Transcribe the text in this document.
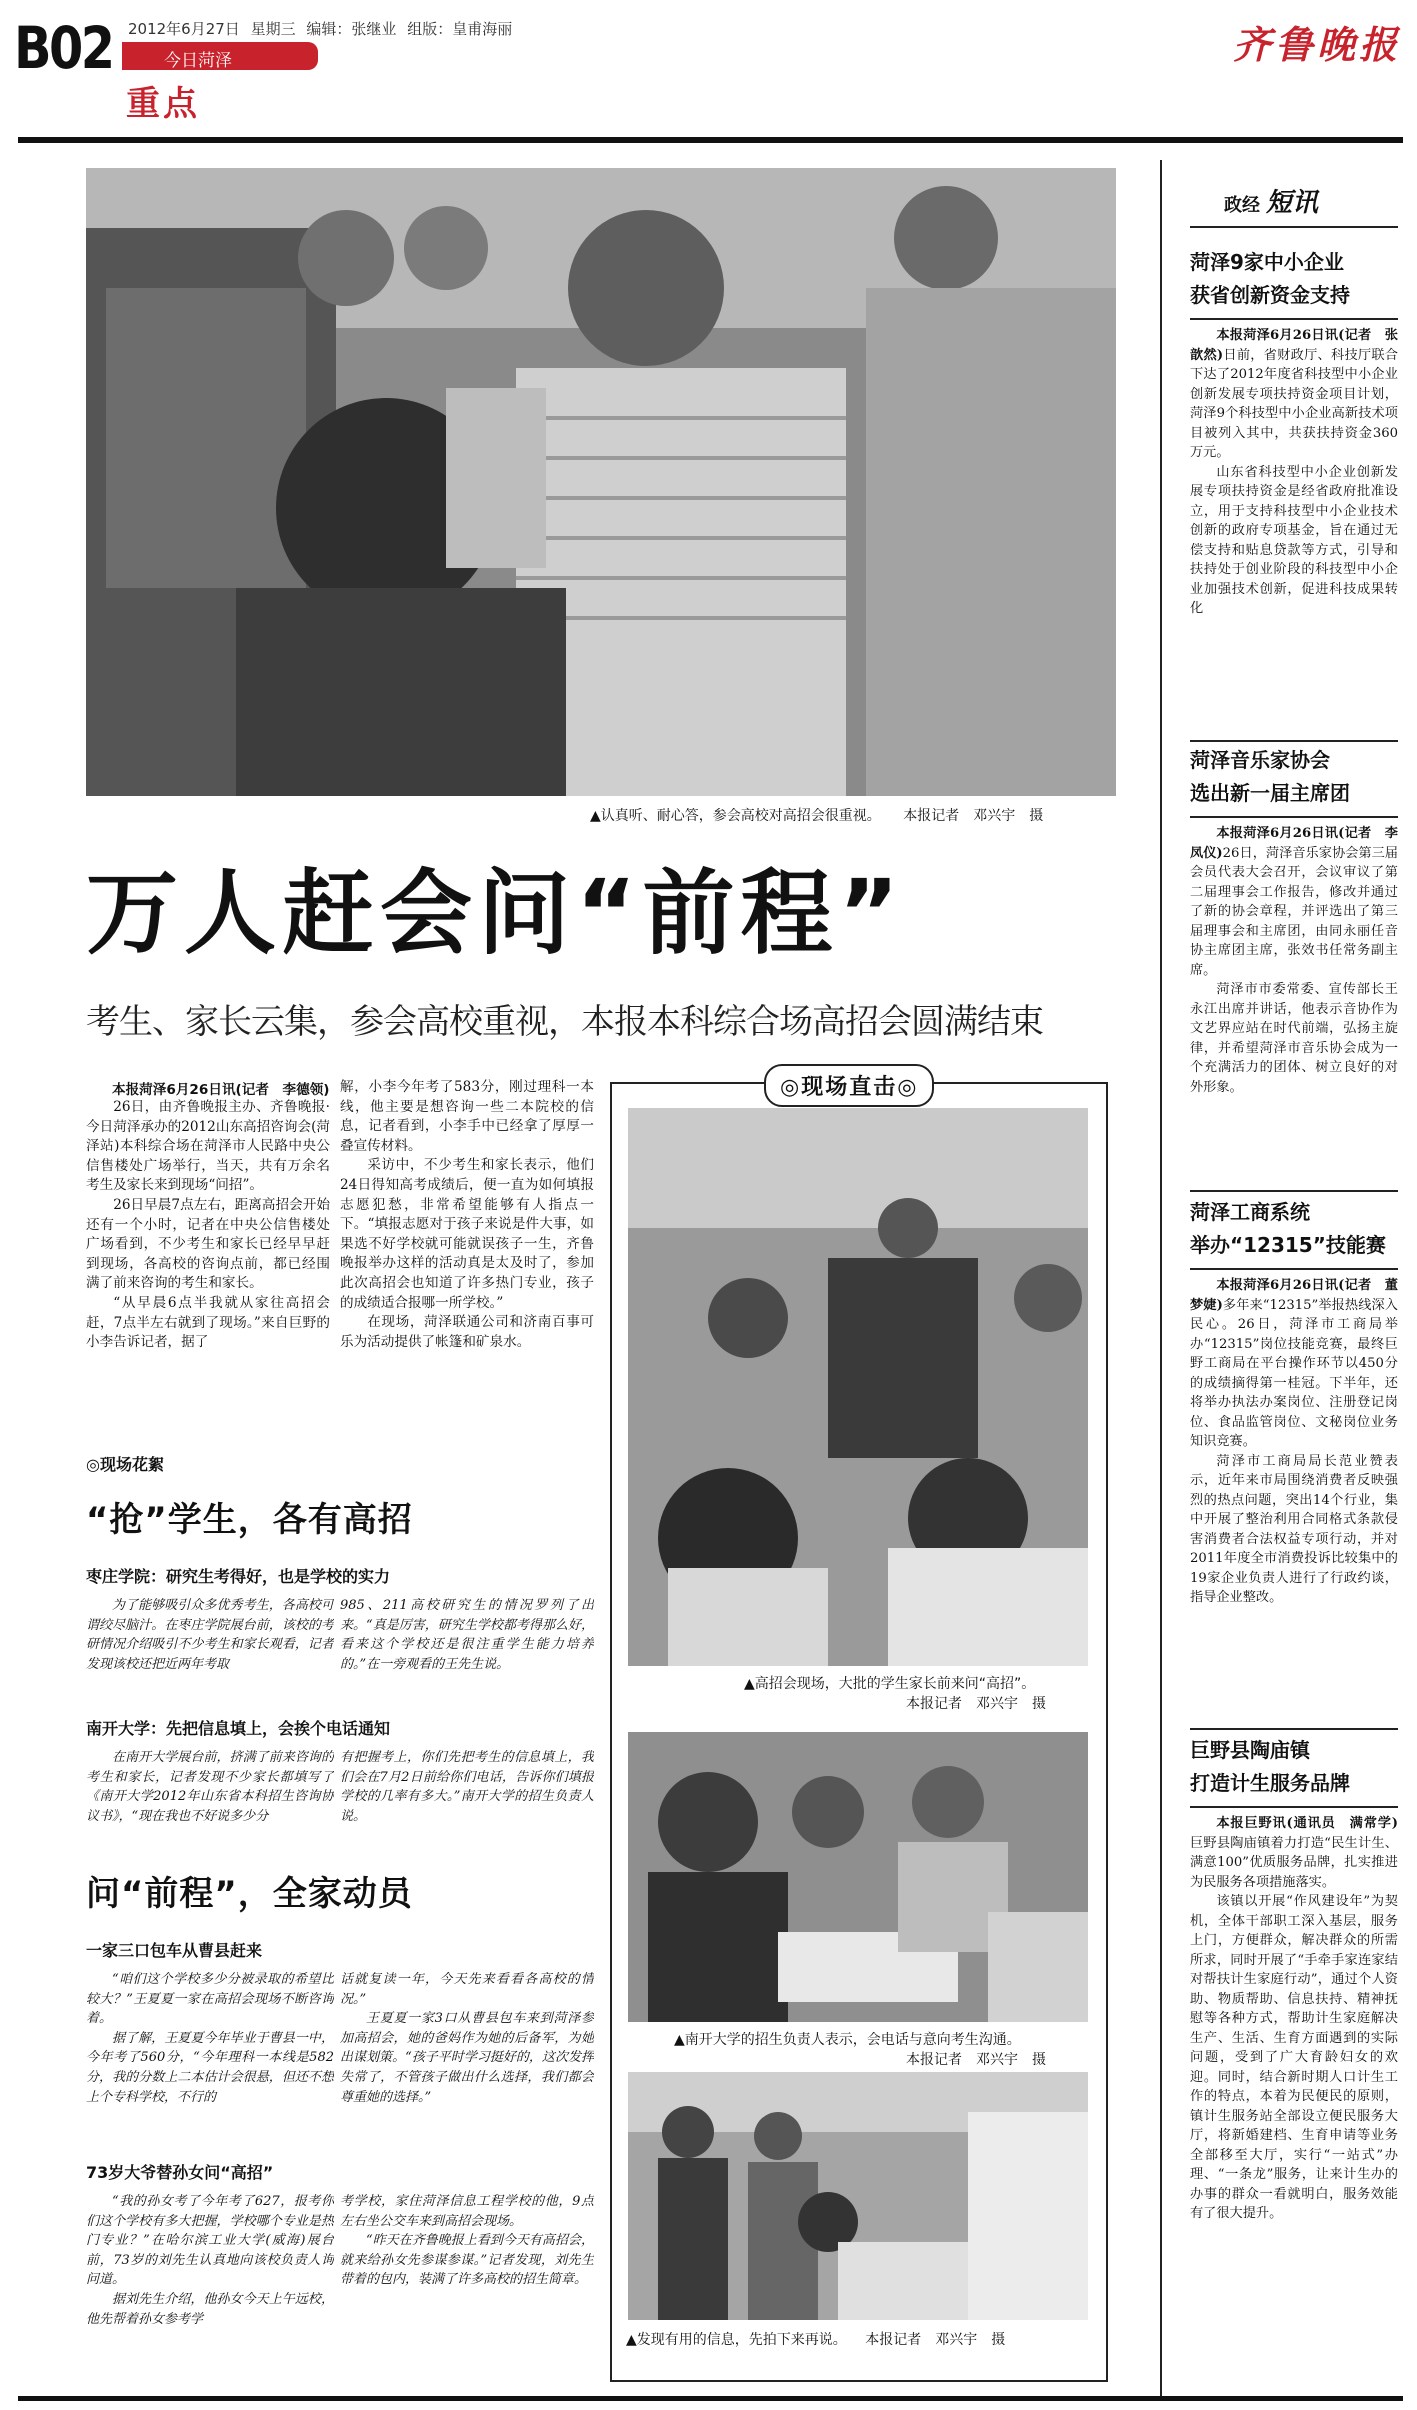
B02 2012年6月27日 星期三 编辑：张继业 组版：皇甫海丽
今日菏泽
重点
齐鲁晚报
▲认真听、耐心答，参会高校对高招会很重视。 本报记者　邓兴宇　摄
万人赶会问“前程”
考生、家长云集，参会高校重视，本报本科综合场高招会圆满结束
本报菏泽6月26日讯(记者　李德领)

26日，由齐鲁晚报主办、齐鲁晚报·今日菏泽承办的2012山东高招咨询会(菏泽站)本科综合场在菏泽市人民路中央公信售楼处广场举行，当天，共有万余名考生及家长来到现场“问招”。

26日早晨7点左右，距离高招会开始还有一个小时，记者在中央公信售楼处广场看到，不少考生和家长已经早早赶到现场，各高校的咨询点前，都已经围满了前来咨询的考生和家长。

“从早晨6点半我就从家往高招会赶，7点半左右就到了现场。”来自巨野的小李告诉记者，据了

解，小李今年考了583分，刚过理科一本线，他主要是想咨询一些二本院校的信息，记者看到，小李手中已经拿了厚厚一叠宣传材料。

采访中，不少考生和家长表示，他们24日得知高考成绩后，便一直为如何填报志愿犯愁，非常希望能够有人指点一下。“填报志愿对于孩子来说是件大事，如果选不好学校就可能就误孩子一生，齐鲁晚报举办这样的活动真是太及时了，参加此次高招会也知道了许多热门专业，孩子的成绩适合报哪一所学校。”

在现场，菏泽联通公司和济南百事可乐为活动提供了帐篷和矿泉水。

◎现场花絮
“抢”学生，各有高招
枣庄学院：研究生考得好，也是学校的实力
为了能够吸引众多优秀考生，各高校可谓绞尽脑汁。在枣庄学院展台前，该校的考研情况介绍吸引不少考生和家长观看，记者发现该校还把近两年考取
985、211高校研究生的情况罗列了出来。“真是厉害，研究生学校都考得那么好，看来这个学校还是很注重学生能力培养的。”在一旁观看的王先生说。
南开大学：先把信息填上，会挨个电话通知
在南开大学展台前，挤满了前来咨询的考生和家长，记者发现不少家长都填写了《南开大学2012年山东省本科招生咨询协议书》，“现在我也不好说多少分
有把握考上，你们先把考生的信息填上，我们会在7月2日前给你们电话，告诉你们填报学校的几率有多大。”南开大学的招生负责人说。
问“前程”，全家动员
一家三口包车从曹县赶来

“咱们这个学校多少分被录取的希望比较大？”王夏夏一家在高招会现场不断咨询着。

据了解，王夏夏今年毕业于曹县一中，今年考了560分，“今年理科一本线是582分，我的分数上二本估计会很悬，但还不想上个专科学校，不行的

话就复读一年，今天先来看看各高校的情况。”

王夏夏一家3口从曹县包车来到菏泽参加高招会，她的爸妈作为她的后备军，为她出谋划策。“孩子平时学习挺好的，这次发挥失常了，不管孩子做出什么选择，我们都会尊重她的选择。”

73岁大爷替孙女问“高招”

“我的孙女考了今年考了627，报考你们这个学校有多大把握，学校哪个专业是热门专业？”在哈尔滨工业大学(威海)展台前，73岁的刘先生认真地向该校负责人询问道。

据刘先生介绍，他孙女今天上午远校，他先帮着孙女参考学

考学校，家住菏泽信息工程学校的他，9点左右坐公交车来到高招会现场。

“昨天在齐鲁晚报上看到今天有高招会，就来给孙女先参谋参谋。”记者发现，刘先生带着的包内，装满了许多高校的招生简章。

◎现场直击◎
▲高招会现场，大批的学生家长前来问“高招”。
本报记者　邓兴宇　摄
▲南开大学的招生负责人表示，会电话与意向考生沟通。
本报记者　邓兴宇　摄
▲发现有用的信息，先拍下来再说。 本报记者　邓兴宇　摄
政经 短讯
菏泽9家中小企业
获省创新资金支持

本报菏泽6月26日讯(记者　张歆然)日前，省财政厅、科技厅联合下达了2012年度省科技型中小企业创新发展专项扶持资金项目计划，菏泽9个科技型中小企业高新技术项目被列入其中，共获扶持资金360万元。

山东省科技型中小企业创新发展专项扶持资金是经省政府批准设立，用于支持科技型中小企业技术创新的政府专项基金，旨在通过无偿支持和贴息贷款等方式，引导和扶持处于创业阶段的科技型中小企业加强技术创新，促进科技成果转化

菏泽音乐家协会
选出新一届主席团

本报菏泽6月26日讯(记者　李凤仪)26日，菏泽音乐家协会第三届会员代表大会召开，会议审议了第二届理事会工作报告，修改并通过了新的协会章程，并评选出了第三届理事会和主席团，由同永丽任音协主席团主席，张效书任常务副主席。

菏泽市市委常委、宣传部长王永江出席并讲话，他表示音协作为文艺界应站在时代前端，弘扬主旋律，并希望菏泽市音乐协会成为一个充满活力的团体、树立良好的对外形象。

菏泽工商系统
举办“12315”技能赛

本报菏泽6月26日讯(记者　董梦婕)多年来“12315”举报热线深入民心。26日，菏泽市工商局举办“12315”岗位技能竞赛，最终巨野工商局在平台操作环节以450分的成绩摘得第一桂冠。下半年，还将举办执法办案岗位、注册登记岗位、食品监管岗位、文秘岗位业务知识竞赛。

菏泽市工商局局长范业赞表示，近年来市局围绕消费者反映强烈的热点问题，突出14个行业，集中开展了整治利用合同格式条款侵害消费者合法权益专项行动，并对2011年度全市消费投诉比较集中的19家企业负责人进行了行政约谈，指导企业整改。

巨野县陶庙镇
打造计生服务品牌

本报巨野讯(通讯员　满常学)巨野县陶庙镇着力打造“民生计生、满意100”优质服务品牌，扎实推进为民服务各项措施落实。

该镇以开展“作风建设年”为契机，全体干部职工深入基层，服务上门，方便群众，解决群众的所需所求，同时开展了“手牵手家连家结对帮扶计生家庭行动”，通过个人资助、物质帮助、信息扶持、精神抚慰等各种方式，帮助计生家庭解决生产、生活、生育方面遇到的实际问题，受到了广大育龄妇女的欢迎。同时，结合新时期人口计生工作的特点，本着为民便民的原则，镇计生服务站全部设立便民服务大厅，将新婚建档、生育申请等业务全部移至大厅，实行“一站式”办理、“一条龙”服务，让来计生办的办事的群众一看就明白，服务效能有了很大提升。
